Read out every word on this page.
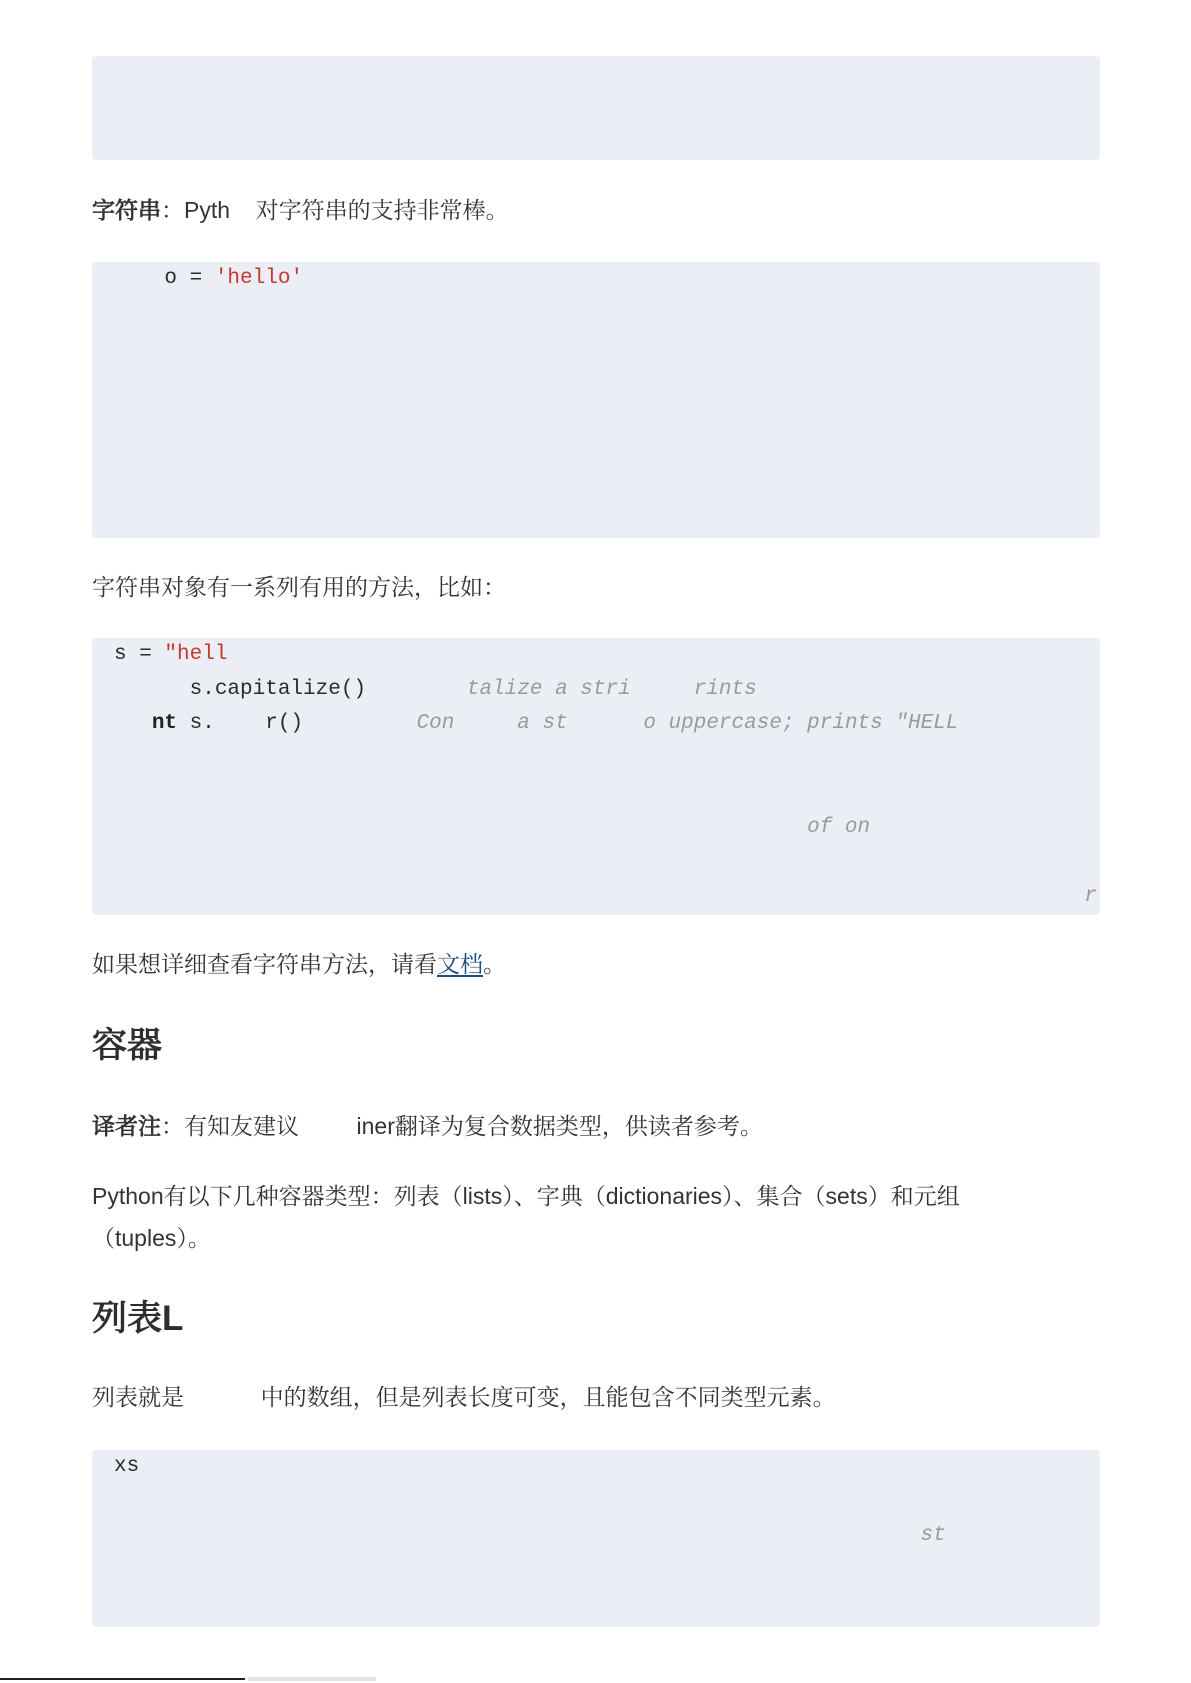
字符串：Pyth    对字符串的支持非常棒。

o = 'hello'

字符串对象有一系列有用的方法，比如：

s = "hell
s.capitalize()        talize a stri     rints
nt s.    r()         Con     a st      o uppercase; prints "HELL
of on
r

如果想详细查看字符串方法，请看文档。

容器

译者注：有知友建议         iner翻译为复合数据类型，供读者参考。

Python有以下几种容器类型：列表（lists）、字典（dictionaries）、集合（sets）和元组
（tuples）。

列表L

列表就是            中的数组，但是列表长度可变，且能包含不同类型元素。

xs
st
